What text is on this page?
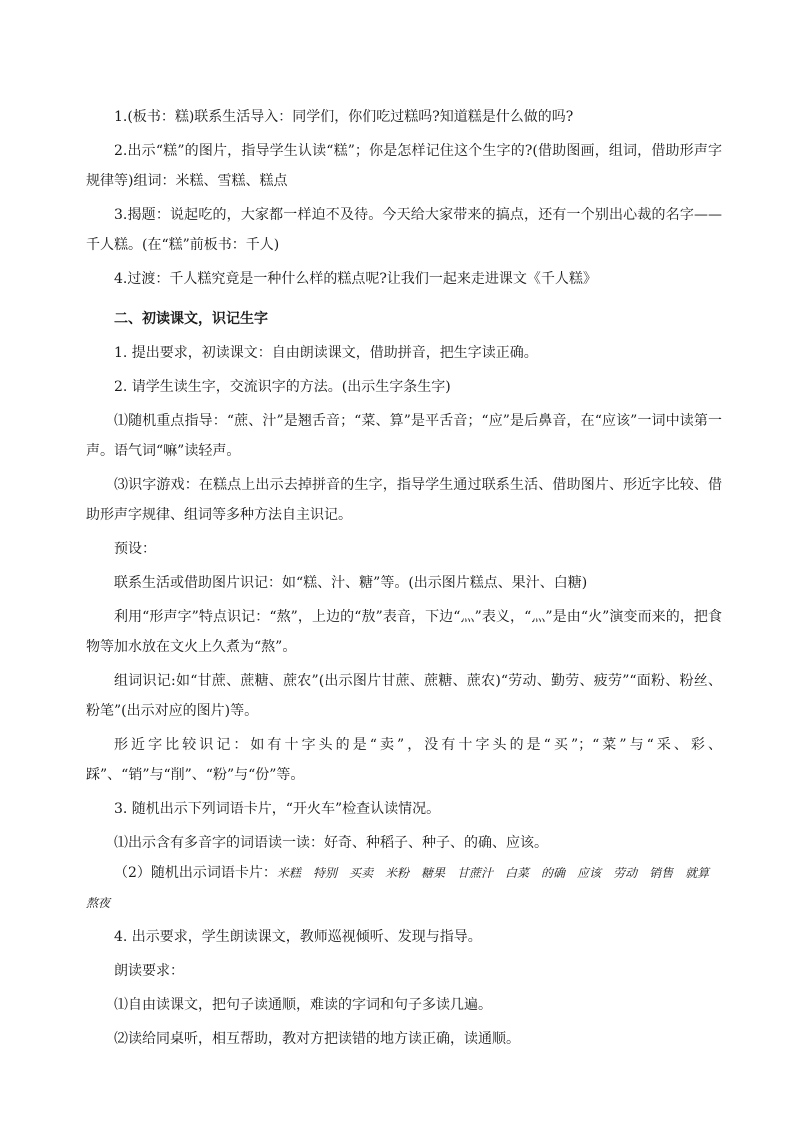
1.(板书：糕)联系生活导入：同学们，你们吃过糕吗?知道糕是什么做的吗?

2.出示“糕”的图片，指导学生认读“糕”；你是怎样记住这个生字的?(借助图画，组词，借助形声字规律等)组词：米糕、雪糕、糕点

3.揭题：说起吃的，大家都一样迫不及待。今天给大家带来的搞点，还有一个别出心裁的名字——千人糕。(在“糕”前板书：千人)

4.过渡：千人糕究竟是一种什么样的糕点呢?让我们一起来走进课文《千人糕》

二、初读课文，识记生字

1. 提出要求，初读课文：自由朗读课文，借助拼音，把生字读正确。

2. 请学生读生字，交流识字的方法。(出示生字条生字)

⑴随机重点指导：“蔗、汁”是翘舌音；“菜、算”是平舌音；“应”是后鼻音，在“应该”一词中读第一声。语气词“嘛”读轻声。

⑶识字游戏：在糕点上出示去掉拼音的生字，指导学生通过联系生活、借助图片、形近字比较、借助形声字规律、组词等多种方法自主识记。

预设：

联系生活或借助图片识记：如“糕、汁、糖”等。(出示图片糕点、果汁、白糖)

利用“形声字”特点识记：“熬”，上边的“敖”表音，下边“灬”表义，“灬”是由“火”演变而来的，把食物等加水放在文火上久煮为“熬”。

组词识记:如“甘蔗、蔗糖、蔗农”(出示图片甘蔗、蔗糖、蔗农)“劳动、勤劳、疲劳”“面粉、粉丝、粉笔”(出示对应的图片)等。

形近字比较识记：如有十字头的是“卖”，没有十字头的是“买”；“菜”与“采、彩、踩”、“销”与“削”、“粉”与“份”等。

3. 随机出示下列词语卡片，“开火车”检查认读情况。

⑴出示含有多音字的词语读一读：好奇、种稻子、种子、的确、应该。

（2）随机出示词语卡片：米糕 特别 买卖 米粉 糖果 甘蔗汁 白菜 的确 应该 劳动 销售 就算熬夜

4. 出示要求，学生朗读课文，教师巡视倾听、发现与指导。

朗读要求：

⑴自由读课文，把句子读通顺，难读的字词和句子多读几遍。

⑵读给同桌听，相互帮助，教对方把读错的地方读正确，读通顺。
